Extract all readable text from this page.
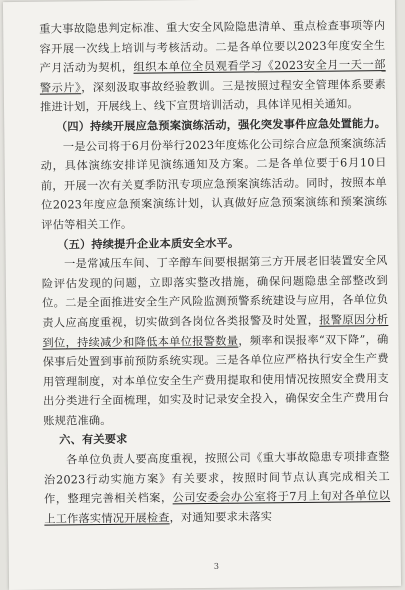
重大事故隐患判定标准、重大安全风险隐患清单、重点检查事项等内容开展一次线上培训与考核活动。二是各单位要以2023年度安全生产月活动为契机，组织本单位全员观看学习《2023安全月一天一部警示片》，深刻汲取事故经验教训。三是按照过程安全管理体系要素推进计划，开展线上、线下宣贯培训活动，具体详见相关通知。

（四）持续开展应急预案演练活动，强化突发事件应急处置能力。

一是公司将于6月份举行2023年度炼化公司综合应急预案演练活动，具体演练安排详见演练通知及方案。二是各单位要于6月10日前，开展一次有关夏季防汛专项应急预案演练活动。同时，按照本单位2023年度应急预案演练计划，认真做好应急预案演练和预案演练评估等相关工作。

（五）持续提升企业本质安全水平。

一是常减压车间、丁辛醇车间要根据第三方开展老旧装置安全风险评估发现的问题，立即落实整改措施，确保问题隐患全部整改到位。二是全面推进安全生产风险监测预警系统建设与应用，各单位负责人应高度重视，切实做到各岗位各类报警及时处置，报警原因分析到位，持续减少和降低本单位报警数量，频率和误报率“双下降”，确保事后处置到事前预防系统实现。三是各单位应严格执行安全生产费用管理制度，对本单位安全生产费用提取和使用情况按照安全费用支出分类进行全面梳理，如实及时记录安全投入，确保安全生产费用台账规范准确。

六、有关要求

各单位负责人要高度重视，按照公司《重大事故隐患专项排查整治2023行动实施方案》有关要求，按照时间节点认真完成相关工作，整理完善相关档案，公司安委会办公室将于7月上旬对各单位以上工作落实情况开展检查，对通知要求未落实

3
